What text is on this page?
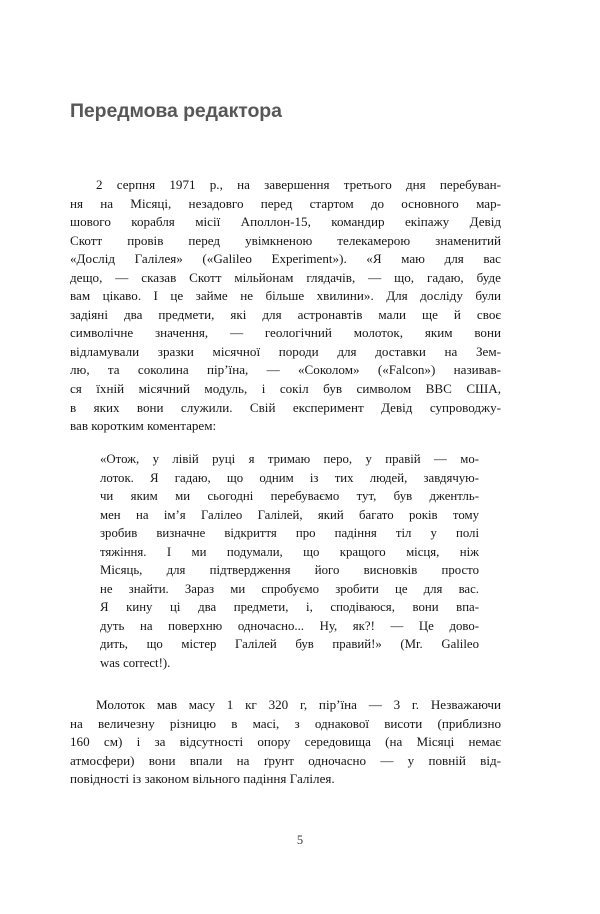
Передмова редактора

2 серпня 1971 р., на завершення третього дня перебуван-
ня на Місяці, незадовго перед стартом до основного мар-
шового корабля місії Аполлон-15, командир екіпажу Девід
Скотт провів перед увімкненою телекамерою знаменитий
«Дослід Галілея» («Galileo Experiment»). «Я маю для вас
дещо, — сказав Скотт мільйонам глядачів, — що, гадаю, буде
вам цікаво. І це займе не більше хвилини». Для досліду були
задіяні два предмети, які для астронавтів мали ще й своє
символічне значення, — геологічний молоток, яким вони
відламували зразки місячної породи для доставки на Зем-
лю, та соколина пір’їна, — «Соколом» («Falcon») називав-
ся їхній місячний модуль, і сокіл був символом ВВС США,
в яких вони служили. Свій експеримент Девід супроводжу-
вав коротким коментарем:

«Отож, у лівій руці я тримаю перо, у правій — мо-
лоток. Я гадаю, що одним із тих людей, завдячую-
чи яким ми сьогодні перебуваємо тут, був джентль-
мен на ім’я Галілео Галілей, який багато років тому
зробив визначне відкриття про падіння тіл у полі
тяжіння. І ми подумали, що кращого місця, ніж
Місяць, для підтвердження його висновків просто
не знайти. Зараз ми спробуємо зробити це для вас.
Я кину ці два предмети, і, сподіваюся, вони впа-
дуть на поверхню одночасно... Ну, як?! — Це дово-
дить, що містер Галілей був правий!» (Mr. Galileo
was correct!).

Молоток мав масу 1 кг 320 г, пір’їна — 3 г. Незважаючи
на величезну різницю в масі, з однакової висоти (приблизно
160 см) і за відсутності опору середовища (на Місяці немає
атмосфери) вони впали на ґрунт одночасно — у повній від-
повідності із законом вільного падіння Галілея.

5
